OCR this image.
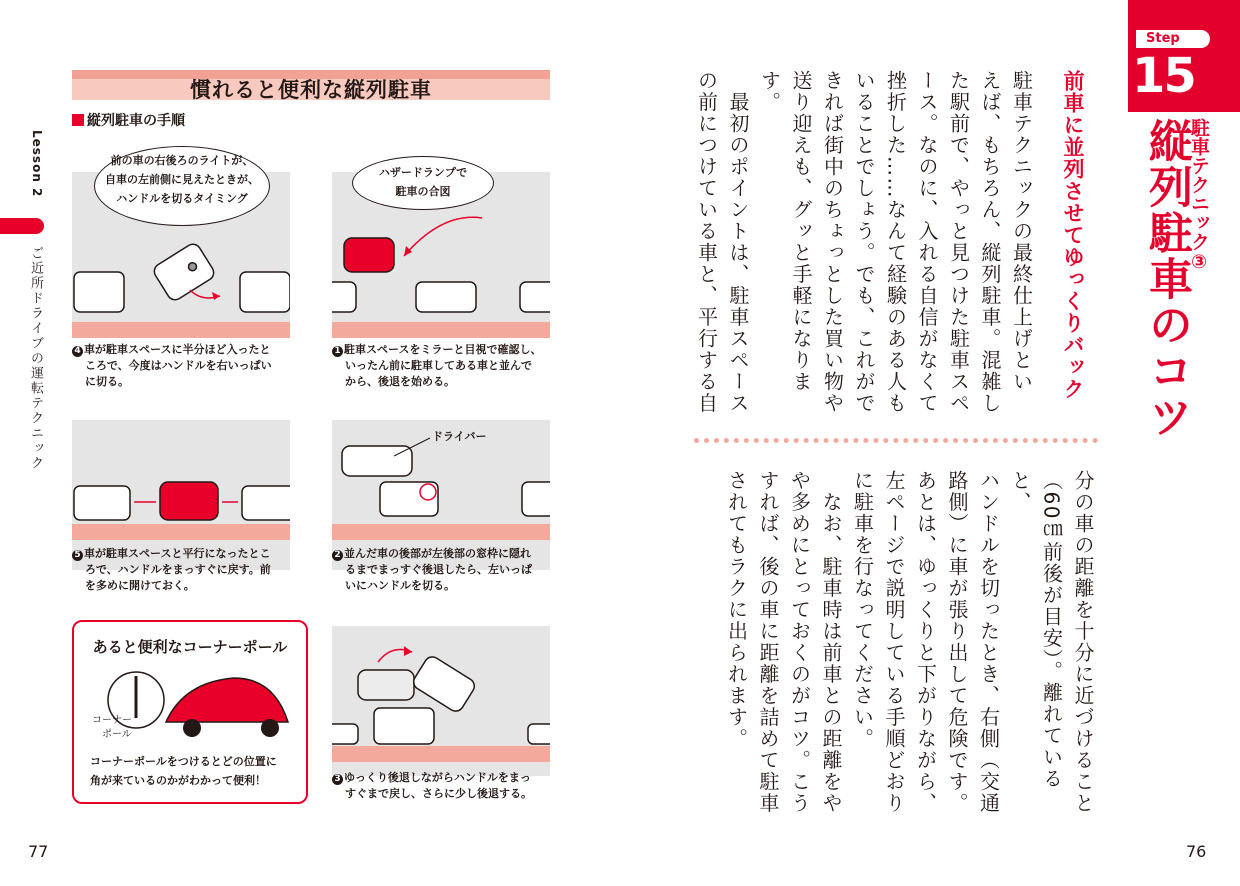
慣れると便利な縦列駐車
縦列駐車の手順
Lesson 2
ご近所ドライブの運転テクニック
前の車の右後ろのライトが、
自車の左前側に見えたときが、
ハンドルを切るタイミング
4 車が駐車スペースに半分ほど入ったと
ころで、今度はハンドルを右いっぱい
に切る。
ハザードランプで
駐車の合図
1 駐車スペースをミラーと目視で確認し、
いったん前に駐車してある車と並んで
から、後退を始める。
5 車が駐車スペースと平行になったとこ
ろで、ハンドルをまっすぐに戻す。前
を多めに開けておく。
ドライバー
2 並んだ車の後部が左後部の窓枠に隠れ
るまでまっすぐ後退したら、左いっぱ
いにハンドルを切る。
あると便利なコーナーポール
コーナー
ポール
コーナーポールをつけるとどの位置に
角が来ているのかがわかって便利！	3 ゆっくり後退しながらハンドルをまっ
すぐまで戻し、さらに少し後退する。
77
Step
15
駐車テクニック③
縦列駐車のコツ
前車に並列させてゆっくりバック
駐車テクニックの最終仕上げとい
えば、もちろん、縦列駐車。混雑し
た駅前で、やっと見つけた駐車スペ
ース。なのに、入れる自信がなくて
挫折した……なんて経験のある人も
いることでしょう。でも、これがで
きれば街中のちょっとした買い物や
送り迎えも、グッと手軽になります。
　最初のポイントは、駐車スペース
の前につけている車と、平行する自
分の車の距離を十分に近づけること
（60㎝前後が目安）。離れていると、
ハンドルを切ったとき、右側（交通
路側）に車が張り出して危険です。
あとは、ゆっくりと下がりながら、
左ページで説明している手順どおり
に駐車を行なってください。
　なお、駐車時は前車との距離をや
や多めにとっておくのがコツ。こう
すれば、後の車に距離を詰めて駐車
されてもラクに出られます。
76
